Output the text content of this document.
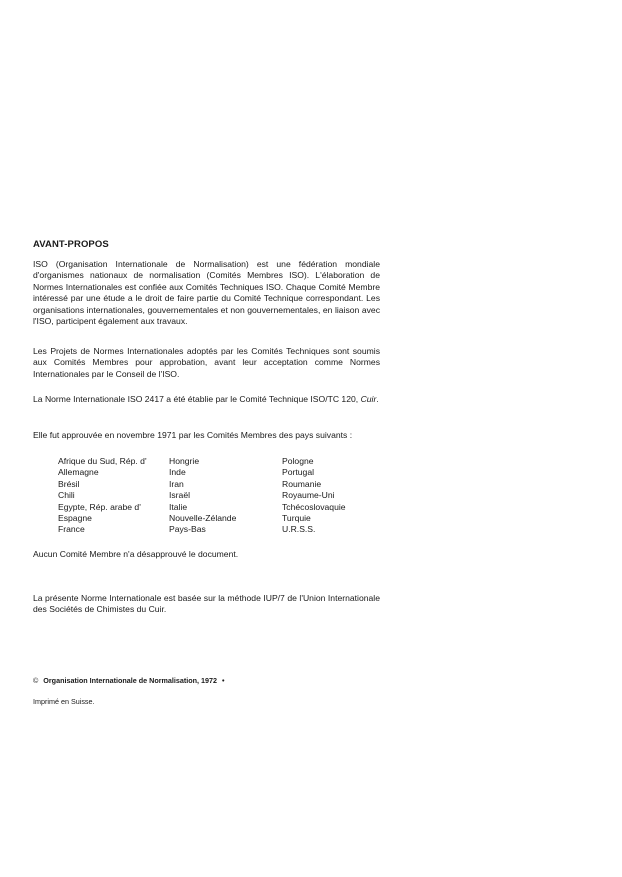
AVANT-PROPOS
ISO (Organisation Internationale de Normalisation) est une fédération mondiale d'organismes nationaux de normalisation (Comités Membres ISO). L'élaboration de Normes Internationales est confiée aux Comités Techniques ISO. Chaque Comité Membre intéressé par une étude a le droit de faire partie du Comité Technique correspondant. Les organisations internationales, gouvernementales et non gouvernementales, en liaison avec l'ISO, participent également aux travaux.
Les Projets de Normes Internationales adoptés par les Comités Techniques sont soumis aux Comités Membres pour approbation, avant leur acceptation comme Normes Internationales par le Conseil de l'ISO.
La Norme Internationale ISO 2417 a été établie par le Comité Technique ISO/TC 120, Cuir.
Elle fut approuvée en novembre 1971 par les Comités Membres des pays suivants :
Afrique du Sud, Rép. d'
Allemagne
Brésil
Chili
Egypte, Rép. arabe d'
Espagne
France
Hongrie
Inde
Iran
Israël
Italie
Nouvelle-Zélande
Pays-Bas
Pologne
Portugal
Roumanie
Royaume-Uni
Tchécoslovaquie
Turquie
U.R.S.S.
Aucun Comité Membre n'a désapprouvé le document.
La présente Norme Internationale est basée sur la méthode IUP/7 de l'Union Internationale des Sociétés de Chimistes du Cuir.
© Organisation Internationale de Normalisation, 1972 •
Imprimé en Suisse.
